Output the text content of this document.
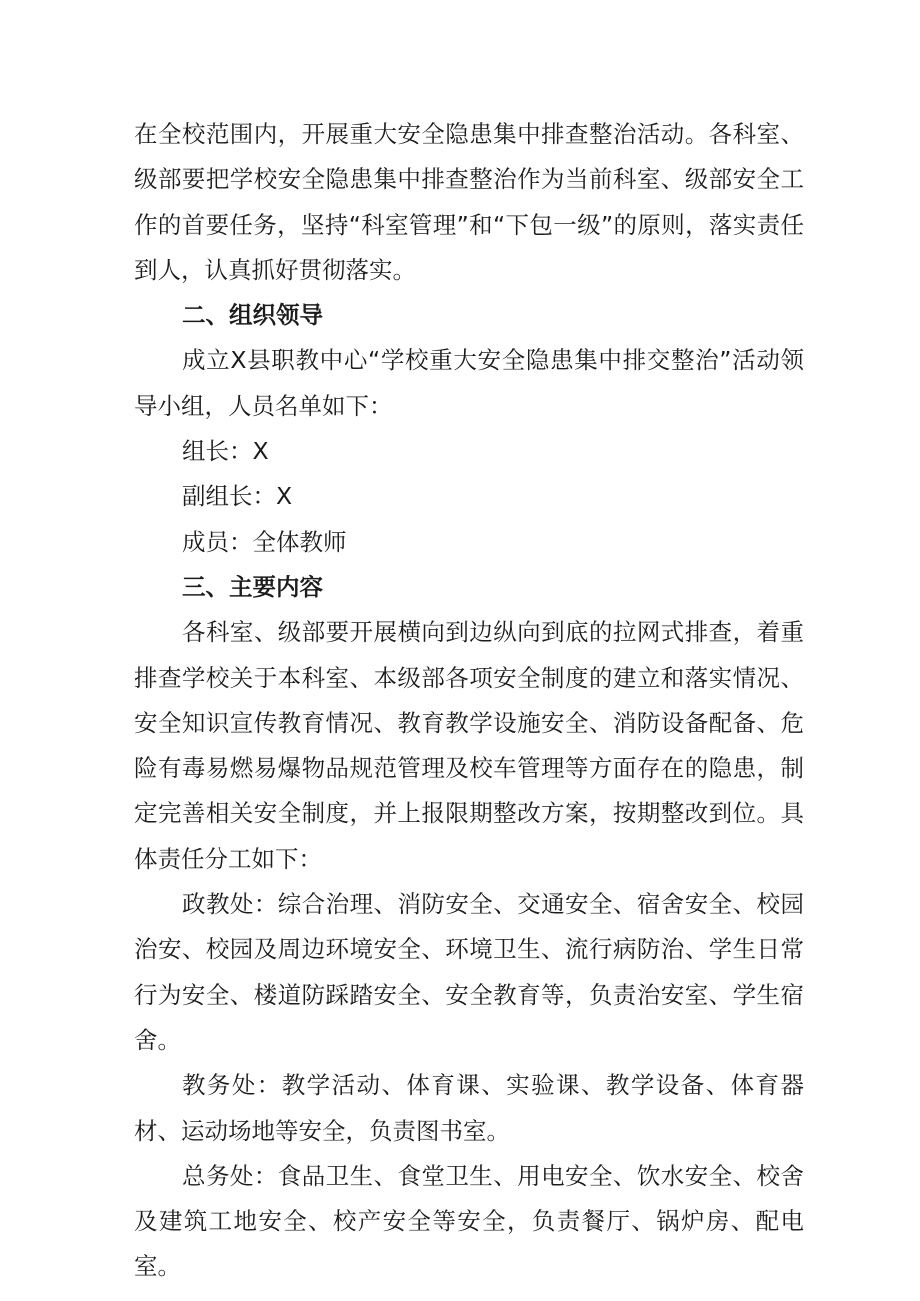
在全校范围内，开展重大安全隐患集中排查整治活动。各科室、级部要把学校安全隐患集中排查整治作为当前科室、级部安全工作的首要任务，坚持“科室管理”和“下包一级”的原则，落实责任到人，认真抓好贯彻落实。

二、组织领导

成立X县职教中心“学校重大安全隐患集中排交整治”活动领导小组，人员名单如下：

组长：X

副组长：X

成员：全体教师

三、主要内容

各科室、级部要开展横向到边纵向到底的拉网式排查，着重排查学校关于本科室、本级部各项安全制度的建立和落实情况、安全知识宣传教育情况、教育教学设施安全、消防设备配备、危险有毒易燃易爆物品规范管理及校车管理等方面存在的隐患，制定完善相关安全制度，并上报限期整改方案，按期整改到位。具体责任分工如下：

政教处：综合治理、消防安全、交通安全、宿舍安全、校园治安、校园及周边环境安全、环境卫生、流行病防治、学生日常行为安全、楼道防踩踏安全、安全教育等，负责治安室、学生宿舍。

教务处：教学活动、体育课、实验课、教学设备、体育器材、运动场地等安全，负责图书室。

总务处：食品卫生、食堂卫生、用电安全、饮水安全、校舍及建筑工地安全、校产安全等安全，负责餐厅、锅炉房、配电室。
